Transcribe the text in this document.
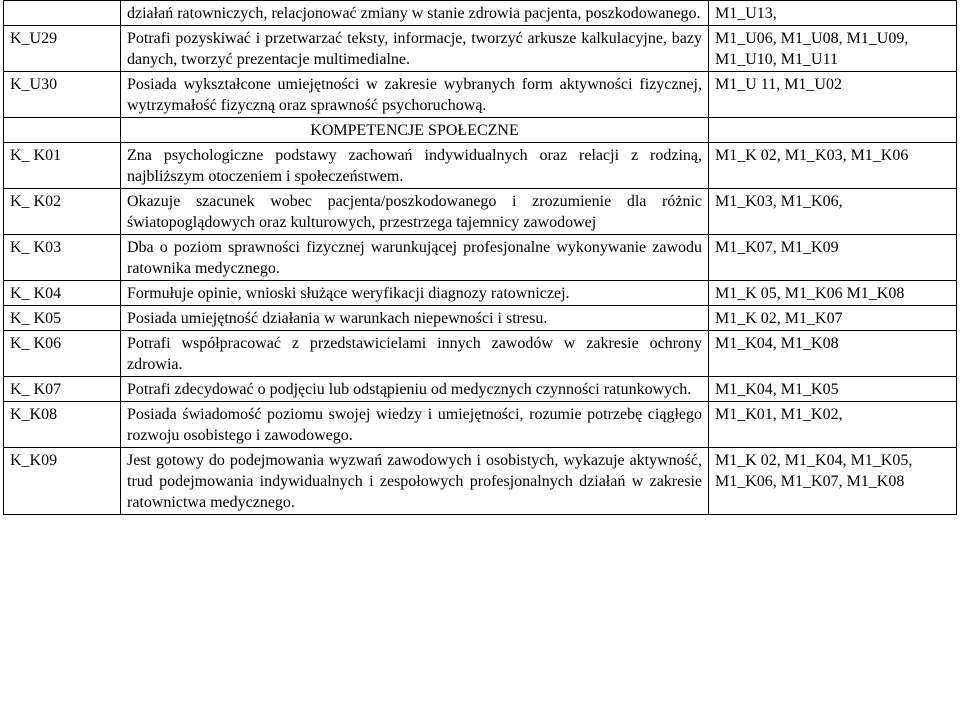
	działań ratowniczych, relacjonować zmiany w stanie zdrowia pacjenta, poszkodowanego.	M1_U13,
K_U29	Potrafi pozyskiwać i przetwarzać teksty, informacje, tworzyć arkusze kalkulacyjne, bazy danych, tworzyć prezentacje multimedialne.	M1_U06, M1_U08, M1_U09, M1_U10, M1_U11
K_U30	Posiada wykształcone umiejętności w zakresie wybranych form aktywności fizycznej, wytrzymałość fizyczną oraz sprawność psychoruchową.	M1_U 11, M1_U02
	KOMPETENCJE SPOŁECZNE	
K_ K01	Zna psychologiczne podstawy zachowań indywidualnych oraz relacji z rodziną, najbliższym otoczeniem i społeczeństwem.	M1_K 02, M1_K03, M1_K06
K_ K02	Okazuje szacunek wobec pacjenta/poszkodowanego i zrozumienie dla różnic światopoglądowych oraz kulturowych, przestrzega tajemnicy zawodowej	M1_K03, M1_K06,
K_ K03	Dba o poziom sprawności fizycznej warunkującej profesjonalne wykonywanie zawodu ratownika medycznego.	M1_K07, M1_K09
K_ K04	Formułuje opinie, wnioski służące weryfikacji diagnozy ratowniczej.	M1_K 05, M1_K06 M1_K08
K_ K05	Posiada umiejętność działania w warunkach niepewności i stresu.	M1_K 02, M1_K07
K_ K06	Potrafi współpracować z przedstawicielami innych zawodów w zakresie ochrony zdrowia.	M1_K04, M1_K08
K_ K07	Potrafi zdecydować o podjęciu lub odstąpieniu od medycznych czynności ratunkowych.	M1_K04, M1_K05
K_K08	Posiada świadomość poziomu swojej wiedzy i umiejętności, rozumie potrzebę ciągłego rozwoju osobistego i zawodowego.	M1_K01, M1_K02,
K_K09	Jest gotowy do podejmowania wyzwań zawodowych i osobistych, wykazuje aktywność, trud podejmowania indywidualnych i zespołowych profesjonalnych działań w zakresie ratownictwa medycznego.	M1_K 02, M1_K04, M1_K05, M1_K06, M1_K07, M1_K08
